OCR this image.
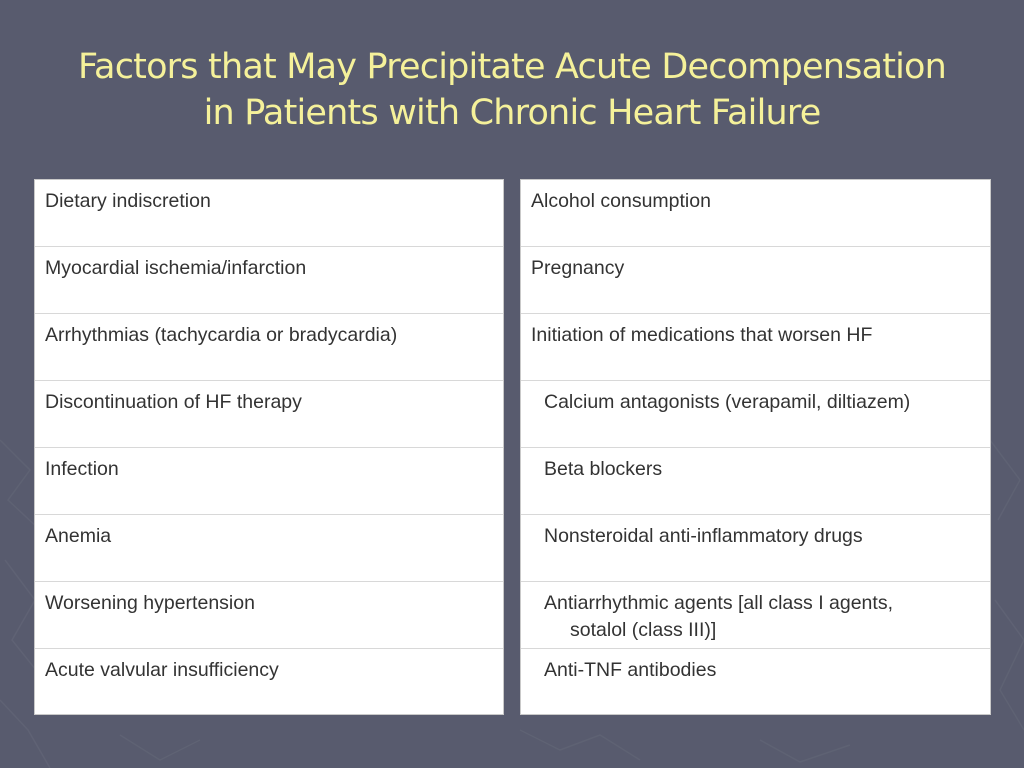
Factors that May Precipitate Acute Decompensation
in Patients with Chronic Heart Failure
Dietary indiscretion
Myocardial ischemia/infarction
Arrhythmias (tachycardia or bradycardia)
Discontinuation of HF therapy
Infection
Anemia
Worsening hypertension
Acute valvular insufficiency
Alcohol consumption
Pregnancy
Initiation of medications that worsen HF
Calcium antagonists (verapamil, diltiazem)
Beta blockers
Nonsteroidal anti-inflammatory drugs
Antiarrhythmic agents [all class I agents,
sotalol (class III)]
Anti-TNF antibodies
